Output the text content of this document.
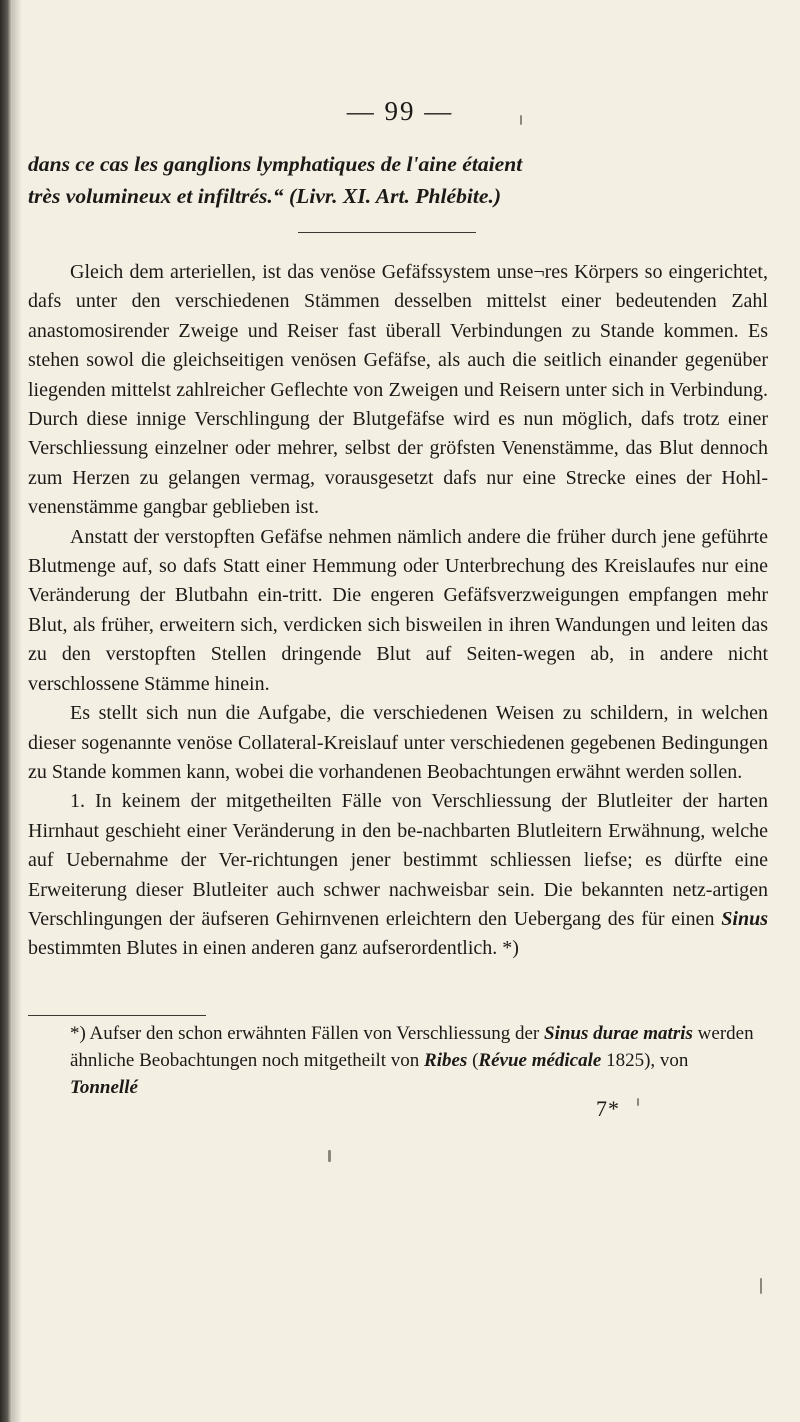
— 99 —
dans ce cas les ganglions lymphatiques de l'aine étaient
très volumineux et infiltrés.“ (Livr. XI. Art. Phlébite.)

Gleich dem arteriellen, ist das venöse Gefäfssystem unse¬res Körpers so eingerichtet, dafs unter den verschiedenen Stämmen desselben mittelst einer bedeutenden Zahl anastomosirender Zweige und Reiser fast überall Verbindungen zu Stande kommen. Es stehen sowol die gleichseitigen venösen Gefäfse, als auch die seitlich einander gegenüber liegenden mittelst zahlreicher Geflechte von Zweigen und Reisern unter sich in Verbindung. Durch diese innige Verschlingung der Blutgefäfse wird es nun möglich, dafs trotz einer Verschliessung einzelner oder mehrer, selbst der gröfsten Venenstämme, das Blut dennoch zum Herzen zu gelangen vermag, vorausgesetzt dafs nur eine Strecke eines der Hohl-venenstämme gangbar geblieben ist.

Anstatt der verstopften Gefäfse nehmen nämlich andere die früher durch jene geführte Blutmenge auf, so dafs Statt einer Hemmung oder Unterbrechung des Kreislaufes nur eine Veränderung der Blutbahn ein-tritt. Die engeren Gefäfsverzweigungen empfangen mehr Blut, als früher, erweitern sich, verdicken sich bisweilen in ihren Wandungen und leiten das zu den verstopften Stellen dringende Blut auf Seiten-wegen ab, in andere nicht verschlossene Stämme hinein.

Es stellt sich nun die Aufgabe, die verschiedenen Weisen zu schildern, in welchen dieser sogenannte venöse Collateral-Kreislauf unter verschiedenen gegebenen Bedingungen zu Stande kommen kann, wobei die vorhandenen Beobachtungen erwähnt werden sollen.

1. In keinem der mitgetheilten Fälle von Verschliessung der Blutleiter der harten Hirnhaut geschieht einer Veränderung in den be-nachbarten Blutleitern Erwähnung, welche auf Uebernahme der Ver-richtungen jener bestimmt schliessen liefse; es dürfte eine Erweiterung dieser Blutleiter auch schwer nachweisbar sein. Die bekannten netz-artigen Verschlingungen der äufseren Gehirnvenen erleichtern den Uebergang des für einen Sinus bestimmten Blutes in einen anderen ganz aufserordentlich. *)

*) Aufser den schon erwähnten Fällen von Verschliessung der Sinus durae matris werden ähnliche Beobachtungen noch mitgetheilt von Ribes (Révue médicale 1825), von Tonnellé
7*
